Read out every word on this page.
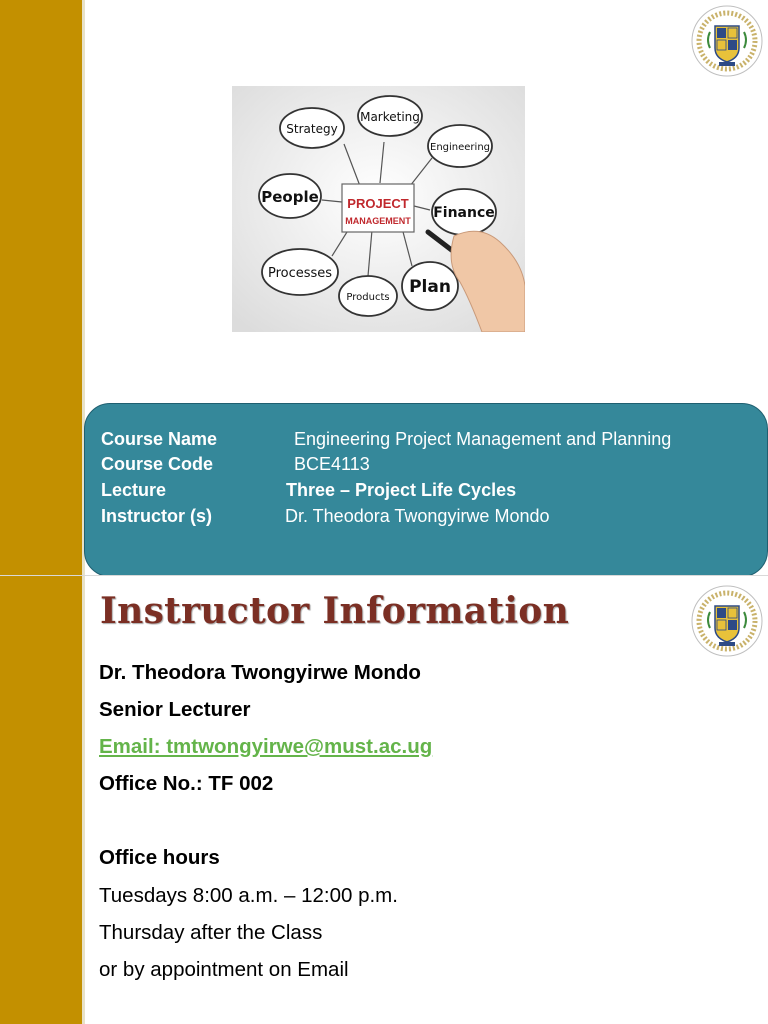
PROJECT
MANAGEMENT
Strategy
Marketing
Engineering
People
Finance
Processes
Products
Plan
Course Name	Engineering Project Management and Planning
Course Code	BCE4113
Lecture	Three – Project Life Cycles
Instructor (s)	Dr. Theodora Twongyirwe Mondo
Instructor Information
Dr. Theodora Twongyirwe Mondo
Senior Lecturer
Email: tmtwongyirwe@must.ac.ug
Office No.: TF 002
Office hours
Tuesdays 8:00 a.m. – 12:00 p.m.
Thursday after the Class
or by appointment on Email
